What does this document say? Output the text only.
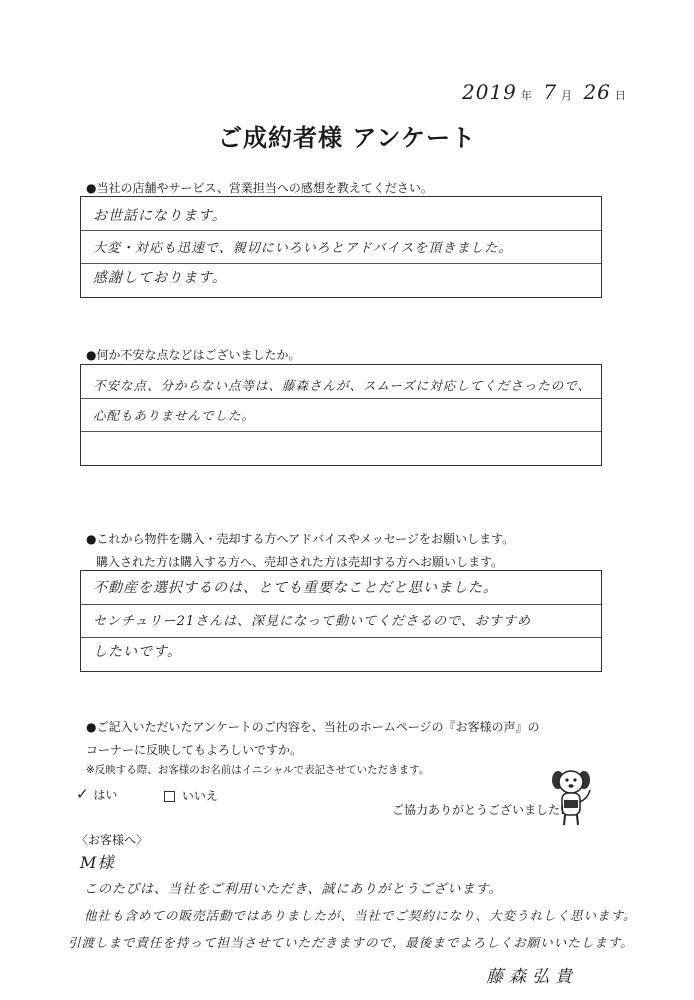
2019 年 7 月 26 日
ご成約者様 アンケート
●当社の店舗やサービス、営業担当への感想を教えてください。
お世話になります。
大変・対応も迅速で、親切にいろいろとアドバイスを頂きました。
感謝しております。
●何か不安な点などはございましたか。
不安な点、分からない点等は、藤森さんが、スムーズに対応してくださったので、心配もありませんでした。
●これから物件を購入・売却する方へアドバイスやメッセージをお願いします。
購入された方は購入する方へ、売却された方は売却する方へお願いします。
不動産を選択するのは、とても重要なことだと思いました。
センチュリー21さんは、深見になって動いてくださるので、おすすめ
したいです。
●ご記入いただいたアンケートのご内容を、当社のホームページの『お客様の声』の
コーナーに反映してもよろしいですか。
※反映する際、お客様のお名前はイニシャルで表記させていただきます。
✓ はい	いいえ
ご協力ありがとうございました!
〈お客様へ〉
M様
このたびは、当社をご利用いただき、誠にありがとうございます。
他社も含めての販売活動ではありましたが、当社でご契約になり、大変うれしく思います。
引渡しまで責任を持って担当させていただきますので、最後までよろしくお願いいたします。
藤森弘貴
